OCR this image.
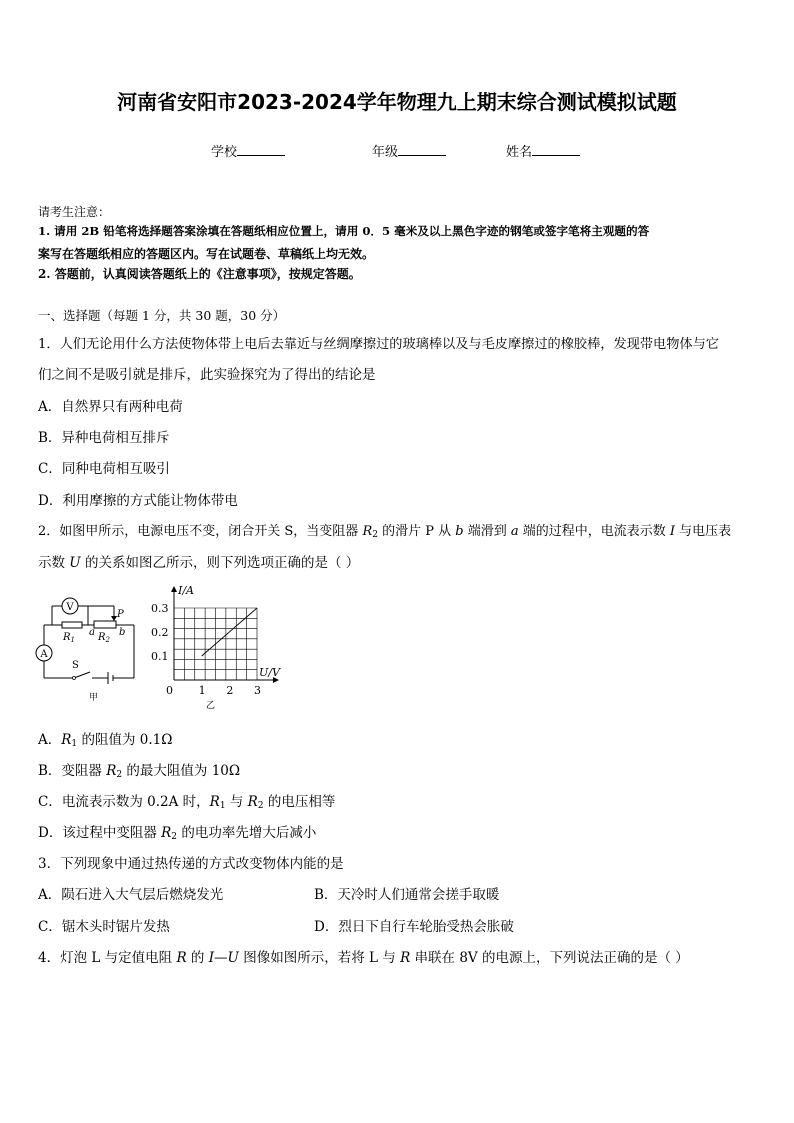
河南省安阳市2023-2024学年物理九上期末综合测试模拟试题
学校	年级	姓名
请考生注意：
1. 请用 2B 铅笔将选择题答案涂填在答题纸相应位置上，请用 0．5 毫米及以上黑色字迹的钢笔或签字笔将主观题的答
案写在答题纸相应的答题区内。写在试题卷、草稿纸上均无效。
2. 答题前，认真阅读答题纸上的《注意事项》，按规定答题。
一、选择题（每题 1 分，共 30 题，30 分）
1．人们无论用什么方法使物体带上电后去靠近与丝绸摩擦过的玻璃棒以及与毛皮摩擦过的橡胶棒，发现带电物体与它
们之间不是吸引就是排斥，此实验探究为了得出的结论是
A．自然界只有两种电荷
B．异种电荷相互排斥
C．同种电荷相互吸引
D．利用摩擦的方式能让物体带电
2．如图甲所示，电源电压不变，闭合开关 S，当变阻器 $R_2$ 的滑片 P 从 b 端滑到 a 端的过程中，电流表示数 I 与电压表
示数 U 的关系如图乙所示，则下列选项正确的是（ ）
V
A
$R_1$ $R_2$
a b
P
S
甲
0 1 2 3
0.1
0.2
0.3
I/A
U/V
乙
A．$R_1$ 的阻值为 0.1Ω
B．变阻器 $R_2$ 的最大阻值为 10Ω
C．电流表示数为 0.2A 时，$R_1$ 与 $R_2$ 的电压相等
D．该过程中变阻器 $R_2$ 的电功率先增大后减小
3．下列现象中通过热传递的方式改变物体内能的是
A．陨石进入大气层后燃烧发光	B．天冷时人们通常会搓手取暖
C．锯木头时锯片发热	D．烈日下自行车轮胎受热会胀破
4．灯泡 L 与定值电阻 R 的 I—U 图像如图所示，若将 L 与 R 串联在 8V 的电源上，下列说法正确的是（ ）
